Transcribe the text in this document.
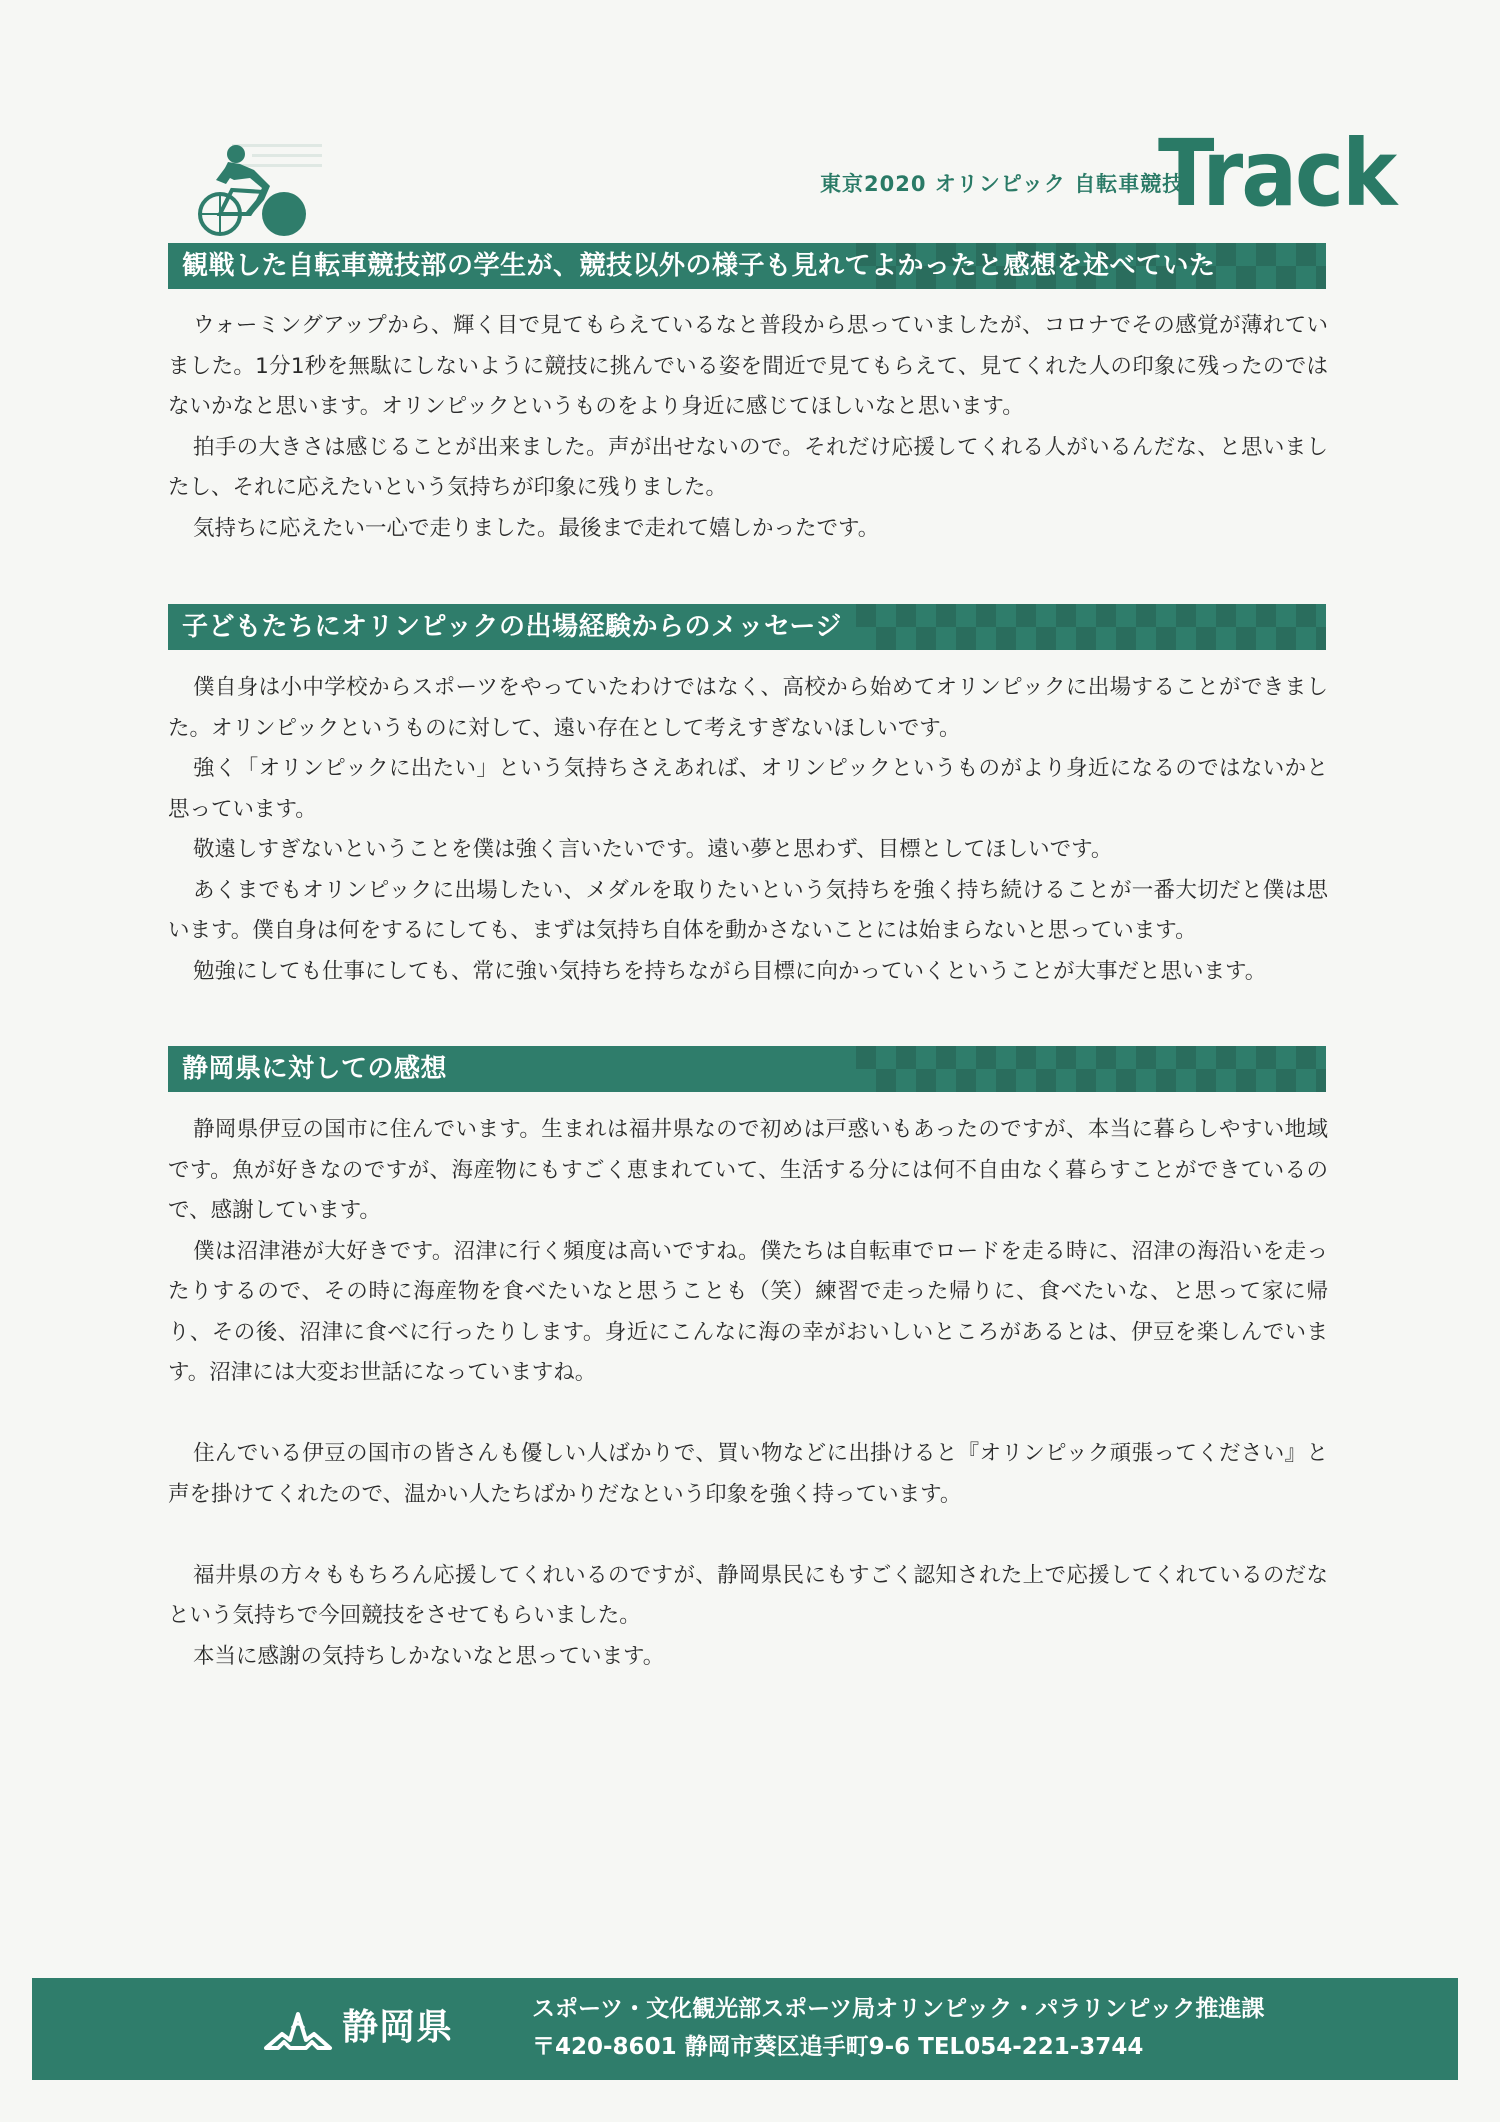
東京2020 オリンピック 自転車競技
Track
観戦した自転車競技部の学生が、競技以外の様子も見れてよかったと感想を述べていた

ウォーミングアップから、輝く目で見てもらえているなと普段から思っていましたが、コロナでその感覚が薄れていました。1分1秒を無駄にしないように競技に挑んでいる姿を間近で見てもらえて、見てくれた人の印象に残ったのではないかなと思います。オリンピックというものをより身近に感じてほしいなと思います。

拍手の大きさは感じることが出来ました。声が出せないので。それだけ応援してくれる人がいるんだな、と思いましたし、それに応えたいという気持ちが印象に残りました。

気持ちに応えたい一心で走りました。最後まで走れて嬉しかったです。

子どもたちにオリンピックの出場経験からのメッセージ

僕自身は小中学校からスポーツをやっていたわけではなく、高校から始めてオリンピックに出場することができました。オリンピックというものに対して、遠い存在として考えすぎないほしいです。

強く「オリンピックに出たい」という気持ちさえあれば、オリンピックというものがより身近になるのではないかと思っています。

敬遠しすぎないということを僕は強く言いたいです。遠い夢と思わず、目標としてほしいです。

あくまでもオリンピックに出場したい、メダルを取りたいという気持ちを強く持ち続けることが一番大切だと僕は思います。僕自身は何をするにしても、まずは気持ち自体を動かさないことには始まらないと思っています。

勉強にしても仕事にしても、常に強い気持ちを持ちながら目標に向かっていくということが大事だと思います。

静岡県に対しての感想

静岡県伊豆の国市に住んでいます。生まれは福井県なので初めは戸惑いもあったのですが、本当に暮らしやすい地域です。魚が好きなのですが、海産物にもすごく恵まれていて、生活する分には何不自由なく暮らすことができているので、感謝しています。

僕は沼津港が大好きです。沼津に行く頻度は高いですね。僕たちは自転車でロードを走る時に、沼津の海沿いを走ったりするので、その時に海産物を食べたいなと思うことも（笑）練習で走った帰りに、食べたいな、と思って家に帰り、その後、沼津に食べに行ったりします。身近にこんなに海の幸がおいしいところがあるとは、伊豆を楽しんでいます。沼津には大変お世話になっていますね。

住んでいる伊豆の国市の皆さんも優しい人ばかりで、買い物などに出掛けると『オリンピック頑張ってください』と声を掛けてくれたので、温かい人たちばかりだなという印象を強く持っています。

福井県の方々ももちろん応援してくれいるのですが、静岡県民にもすごく認知された上で応援してくれているのだなという気持ちで今回競技をさせてもらいました。

本当に感謝の気持ちしかないなと思っています。

静岡県	スポーツ・文化観光部スポーツ局オリンピック・パラリンピック推進課
〒420-8601 静岡市葵区追手町9-6 TEL054-221-3744
